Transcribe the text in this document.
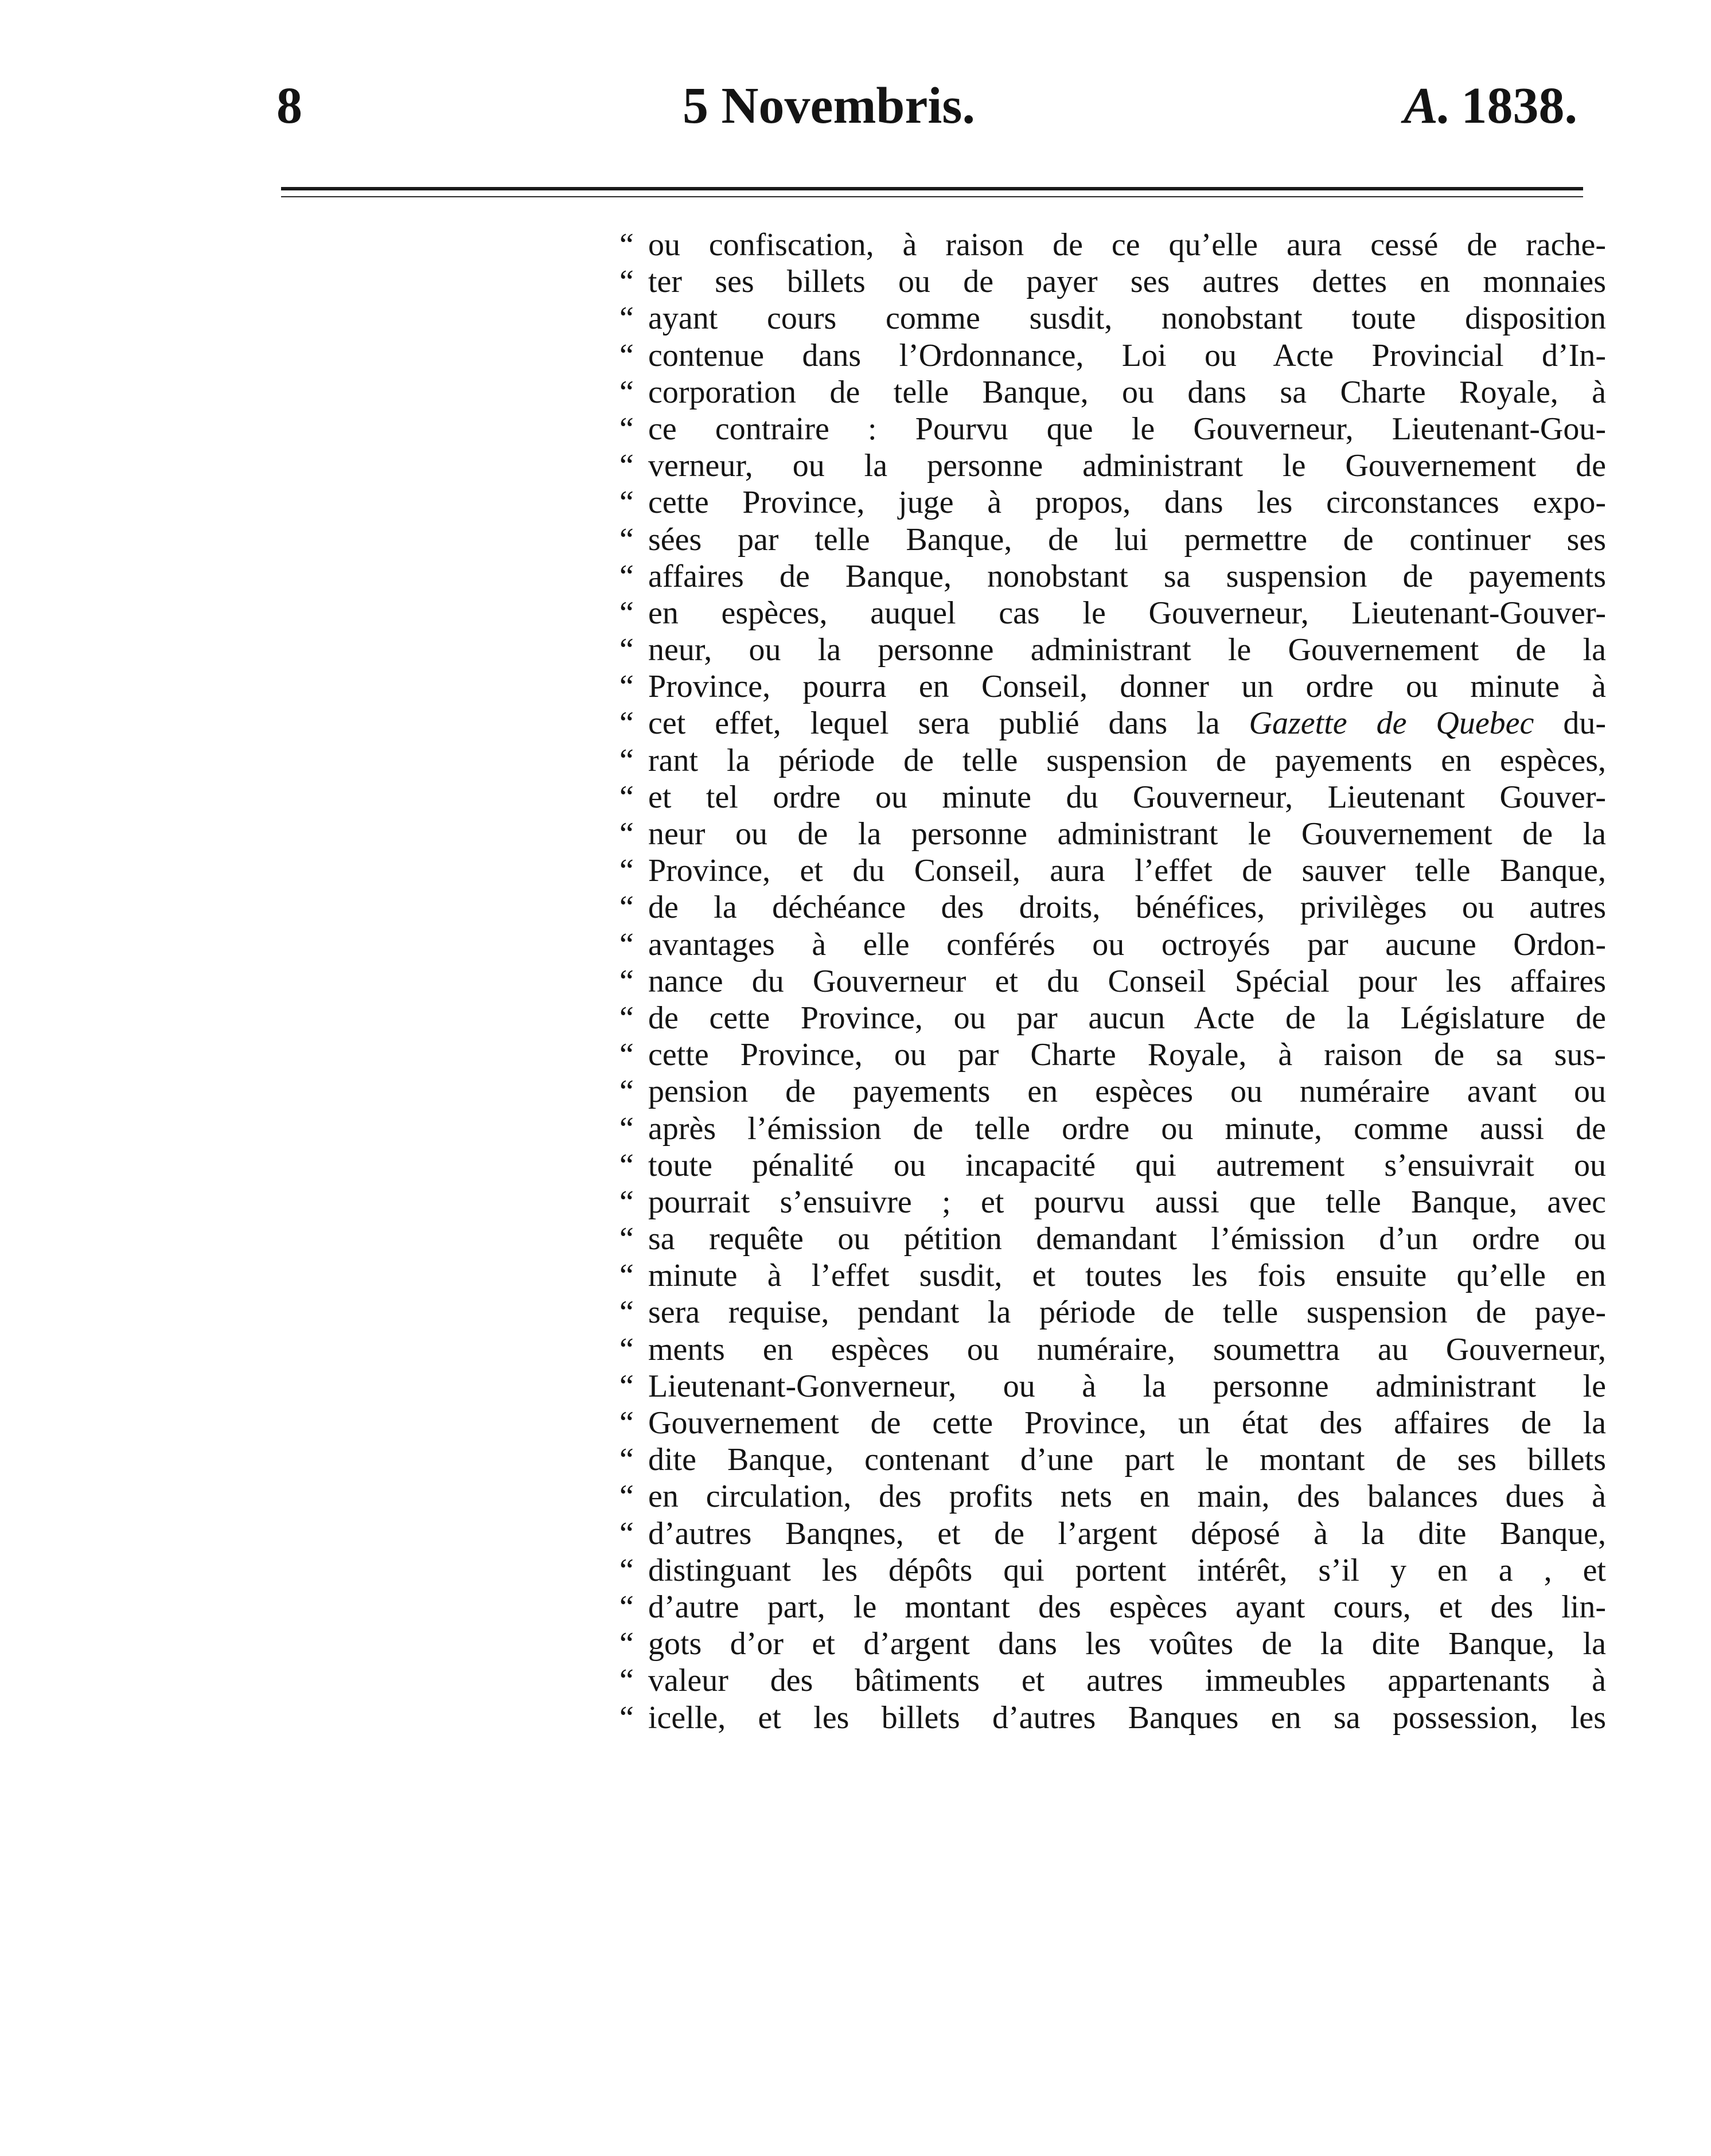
8	5 Novembris.	A. 1838.
“ ou confiscation, à raison de ce qu’elle aura cessé de rache-
“ ter ses billets ou de payer ses autres dettes en monnaies
“ ayant cours comme susdit, nonobstant toute disposition
“ contenue dans l’Ordonnance, Loi ou Acte Provincial d’In-
“ corporation de telle Banque, ou dans sa Charte Royale, à
“ ce contraire : Pourvu que le Gouverneur, Lieutenant-Gou-
“ verneur, ou la personne administrant le Gouvernement de
“ cette Province, juge à propos, dans les circonstances expo-
“ sées par telle Banque, de lui permettre de continuer ses
“ affaires de Banque, nonobstant sa suspension de payements
“ en espèces, auquel cas le Gouverneur, Lieutenant-Gouver-
“ neur, ou la personne administrant le Gouvernement de la
“ Province, pourra en Conseil, donner un ordre ou minute à
“ cet effet, lequel sera publié dans la Gazette de Quebec du-
“ rant la période de telle suspension de payements en espèces,
“ et tel ordre ou minute du Gouverneur, Lieutenant Gouver-
“ neur ou de la personne administrant le Gouvernement de la
“ Province, et du Conseil, aura l’effet de sauver telle Banque,
“ de la déchéance des droits, bénéfices, privilèges ou autres
“ avantages à elle conférés ou octroyés par aucune Ordon-
“ nance du Gouverneur et du Conseil Spécial pour les affaires
“ de cette Province, ou par aucun Acte de la Législature de
“ cette Province, ou par Charte Royale, à raison de sa sus-
“ pension de payements en espèces ou numéraire avant ou
“ après l’émission de telle ordre ou minute, comme aussi de
“ toute pénalité ou incapacité qui autrement s’ensuivrait ou
“ pourrait s’ensuivre ; et pourvu aussi que telle Banque, avec
“ sa requête ou pétition demandant l’émission d’un ordre ou
“ minute à l’effet susdit, et toutes les fois ensuite qu’elle en
“ sera requise, pendant la période de telle suspension de paye-
“ ments en espèces ou numéraire, soumettra au Gouverneur,
“ Lieutenant-Gonverneur, ou à la personne administrant le
“ Gouvernement de cette Province, un état des affaires de la
“ dite Banque, contenant d’une part le montant de ses billets
“ en circulation, des profits nets en main, des balances dues à
“ d’autres Banqnes, et de l’argent déposé à la dite Banque,
“ distinguant les dépôts qui portent intérêt, s’il y en a , et
“ d’autre part, le montant des espèces ayant cours, et des lin-
“ gots d’or et d’argent dans les voûtes de la dite Banque, la
“ valeur des bâtiments et autres immeubles appartenants à
“ icelle, et les billets d’autres Banques en sa possession, les
